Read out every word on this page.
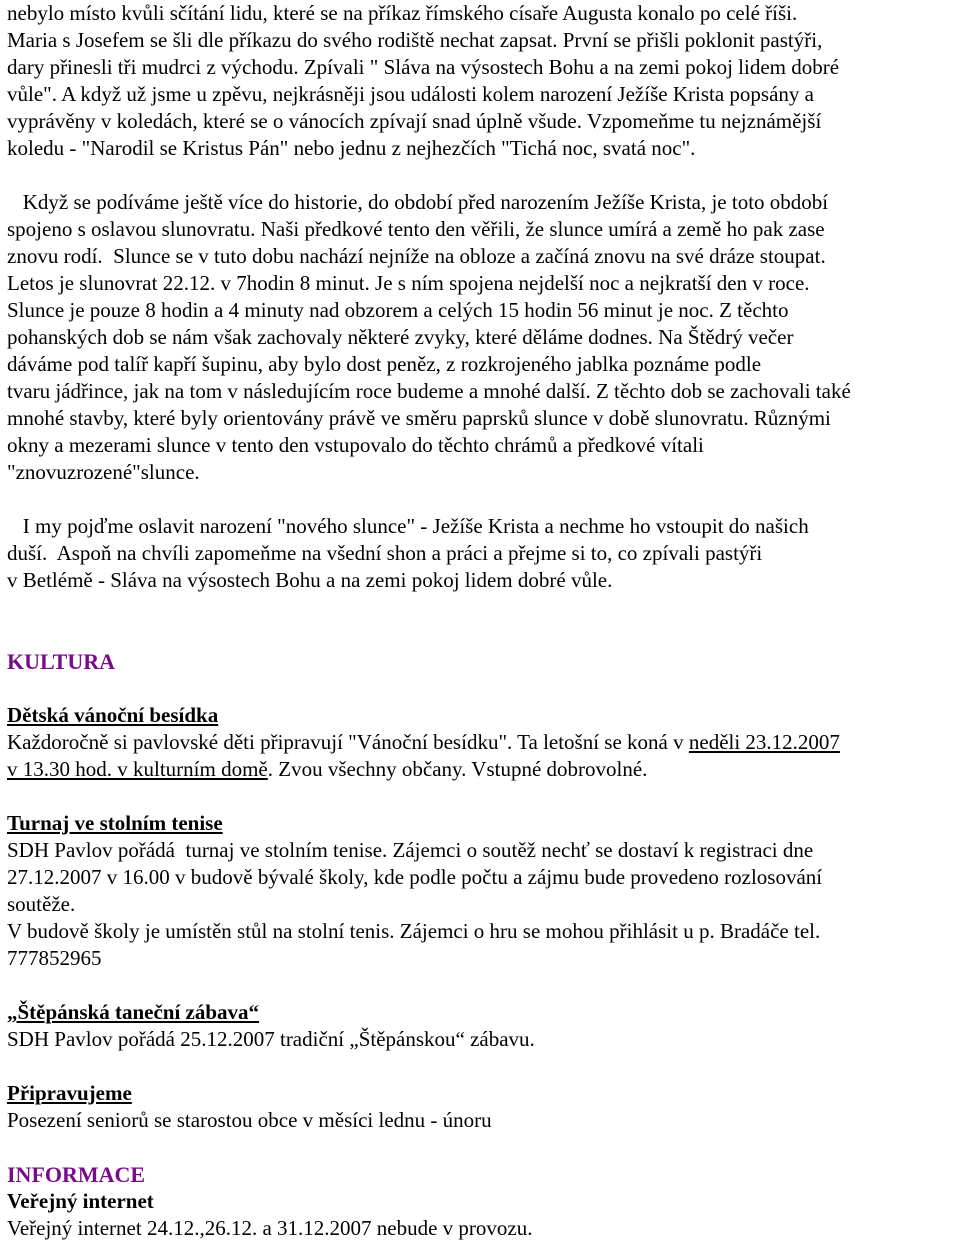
nebylo místo kvůli sčítání lidu, které se na příkaz římského císaře Augusta konalo po celé říši.
Maria s Josefem se šli dle příkazu do svého rodiště nechat zapsat. První se přišli poklonit pastýři,
dary přinesli tři mudrci z východu. Zpívali " Sláva na výsostech Bohu a na zemi pokoj lidem dobré
vůle". A když už jsme u zpěvu, nejkrásněji jsou události kolem narození Ježíše Krista popsány a
vyprávěny v koledách, které se o vánocích zpívají snad úplně všude. Vzpomeňme tu nejznámější
koledu - "Narodil se Kristus Pán" nebo jednu z nejhezčích "Tichá noc, svatá noc".
Když se podíváme ještě více do historie, do období před narozením Ježíše Krista, je toto období
spojeno s oslavou slunovratu. Naši předkové tento den věřili, že slunce umírá a země ho pak zase
znovu rodí.  Slunce se v tuto dobu nachází nejníže na obloze a začíná znovu na své dráze stoupat.
Letos je slunovrat 22.12. v 7hodin 8 minut. Je s ním spojena nejdelší noc a nejkratší den v roce.
Slunce je pouze 8 hodin a 4 minuty nad obzorem a celých 15 hodin 56 minut je noc. Z těchto
pohanských dob se nám však zachovaly některé zvyky, které děláme dodnes. Na Štědrý večer
dáváme pod talíř kapří šupinu, aby bylo dost peněz, z rozkrojeného jablka poznáme podle
tvaru jádřince, jak na tom v následujícím roce budeme a mnohé další. Z těchto dob se zachovali také
mnohé stavby, které byly orientovány právě ve směru paprsků slunce v době slunovratu. Různými
okny a mezerami slunce v tento den vstupovalo do těchto chrámů a předkové vítali
"znovuzrozené"slunce.
I my pojďme oslavit narození "nového slunce" - Ježíše Krista a nechme ho vstoupit do našich
duší.  Aspoň na chvíli zapomeňme na všední shon a práci a přejme si to, co zpívali pastýři
v Betlémě - Sláva na výsostech Bohu a na zemi pokoj lidem dobré vůle.
KULTURA
Dětská vánoční besídka
Každoročně si pavlovské děti připravují "Vánoční besídku". Ta letošní se koná v neděli 23.12.2007
v 13.30 hod. v kulturním domě. Zvou všechny občany. Vstupné dobrovolné.
Turnaj ve stolním tenise
SDH Pavlov pořádá  turnaj ve stolním tenise. Zájemci o soutěž nechť se dostaví k registraci dne
27.12.2007 v 16.00 v budově bývalé školy, kde podle počtu a zájmu bude provedeno rozlosování
soutěže.
V budově školy je umístěn stůl na stolní tenis. Zájemci o hru se mohou přihlásit u p. Bradáče tel.
777852965
„Štěpánská taneční zábava“
SDH Pavlov pořádá 25.12.2007 tradiční „Štěpánskou“ zábavu.
Připravujeme
Posezení seniorů se starostou obce v měsíci lednu - únoru
INFORMACE
Veřejný internet
Veřejný internet 24.12.,26.12. a 31.12.2007 nebude v provozu.
